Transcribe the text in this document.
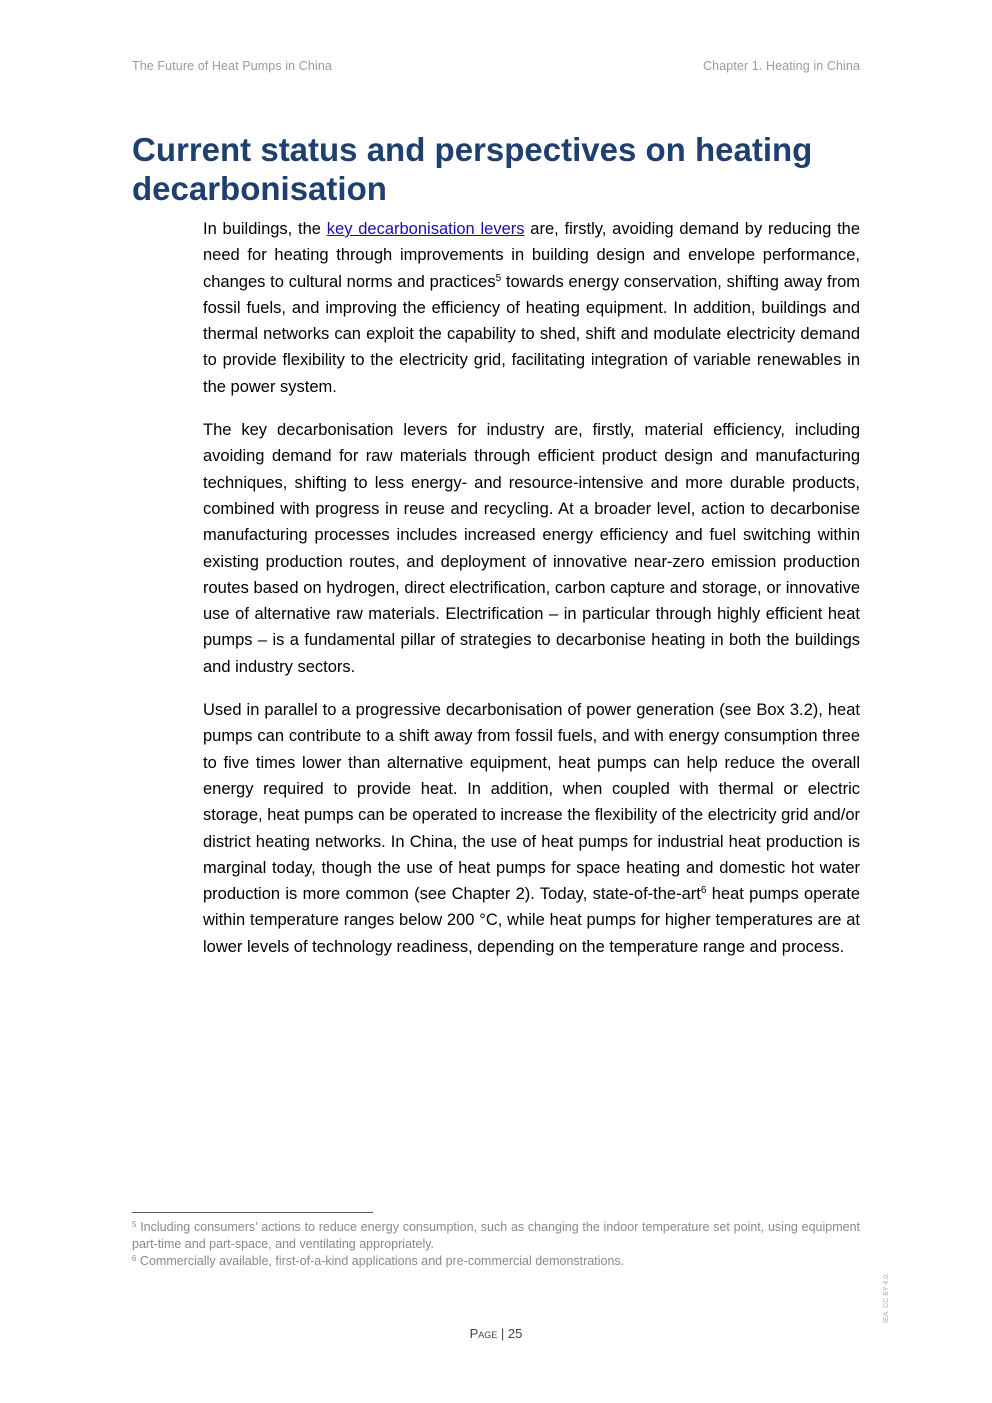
The Future of Heat Pumps in China	Chapter 1. Heating in China
Current status and perspectives on heating decarbonisation

In buildings, the key decarbonisation levers are, firstly, avoiding demand by reducing the need for heating through improvements in building design and envelope performance, changes to cultural norms and practices$^5$ towards energy conservation, shifting away from fossil fuels, and improving the efficiency of heating equipment. In addition, buildings and thermal networks can exploit the capability to shed, shift and modulate electricity demand to provide flexibility to the electricity grid, facilitating integration of variable renewables in the power system.

The key decarbonisation levers for industry are, firstly, material efficiency, including avoiding demand for raw materials through efficient product design and manufacturing techniques, shifting to less energy- and resource-intensive and more durable products, combined with progress in reuse and recycling. At a broader level, action to decarbonise manufacturing processes includes increased energy efficiency and fuel switching within existing production routes, and deployment of innovative near-zero emission production routes based on hydrogen, direct electrification, carbon capture and storage, or innovative use of alternative raw materials. Electrification – in particular through highly efficient heat pumps – is a fundamental pillar of strategies to decarbonise heating in both the buildings and industry sectors.

Used in parallel to a progressive decarbonisation of power generation (see Box 3.2), heat pumps can contribute to a shift away from fossil fuels, and with energy consumption three to five times lower than alternative equipment, heat pumps can help reduce the overall energy required to provide heat. In addition, when coupled with thermal or electric storage, heat pumps can be operated to increase the flexibility of the electricity grid and/or district heating networks. In China, the use of heat pumps for industrial heat production is marginal today, though the use of heat pumps for space heating and domestic hot water production is more common (see Chapter 2). Today, state-of-the-art$^6$ heat pumps operate within temperature ranges below 200 °C, while heat pumps for higher temperatures are at lower levels of technology readiness, depending on the temperature range and process.

$^5$ Including consumers’ actions to reduce energy consumption, such as changing the indoor temperature set point, using equipment part-time and part-space, and ventilating appropriately.
$^6$ Commercially available, first-of-a-kind applications and pre-commercial demonstrations.
Page | 25
IEA. CC BY 4.0.
